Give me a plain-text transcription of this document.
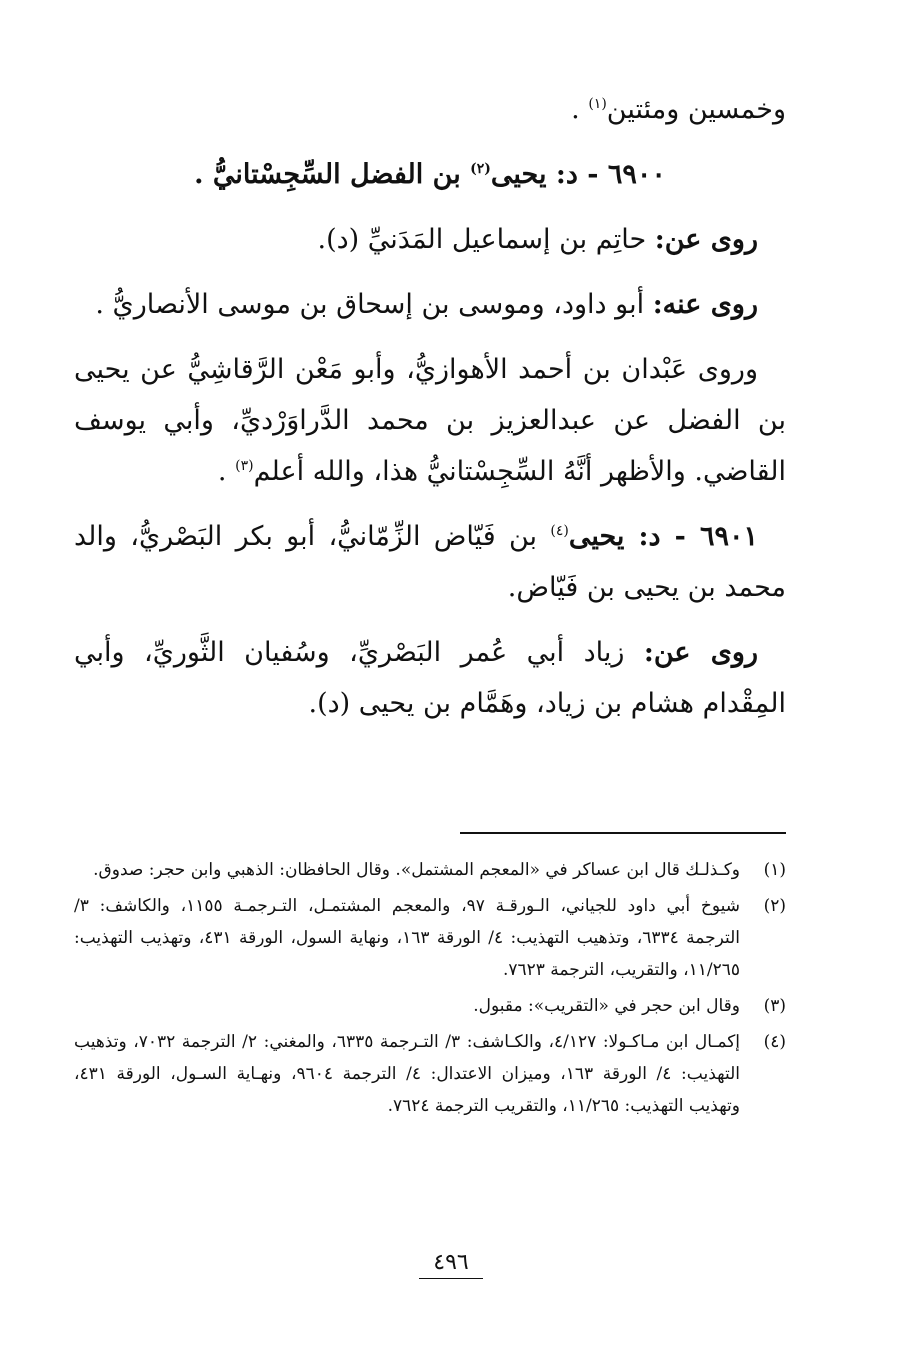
وخمسين ومئتين$^{(١)}$ .

٦٩٠٠ - د: يحيى$^{(٢)}$ بن الفضل السِّجِسْتانيُّ .

روى عن: حاتِم بن إسماعيل المَدَنيِّ (د).

روى عنه: أبو داود، وموسى بن إسحاق بن موسى الأنصاريُّ .

وروى عَبْدان بن أحمد الأهوازيُّ، وأبو مَعْن الرَّقاشِيُّ عن يحيى بن الفضل عن عبدالعزيز بن محمد الدَّراوَرْديِّ، وأبي يوسف القاضي. والأظهر أنَّهُ السِّجِسْتانيُّ هذا، والله أعلم$^{(٣)}$ .

٦٩٠١ - د: يحيى$^{(٤)}$ بن فَيّاض الزِّمّانيُّ، أبو بكر البَصْريُّ، والد محمد بن يحيى بن فَيّاض.

روى عن: زياد أبي عُمر البَصْريِّ، وسُفيان الثَّوريِّ، وأبي المِقْدام هشام بن زياد، وهَمَّام بن يحيى (د).

(١)
وكـذلـك قال ابن عساكر في «المعجم المشتمل». وقال الحافظان: الذهبي وابن حجر: صدوق.
(٢)
شيوخ أبي داود للجياني، الـورقـة ٩٧، والمعجم المشتمـل، التـرجمـة ١١٥٥، والكاشف: ٣/ الترجمة ٦٣٣٤، وتذهيب التهذيب: ٤/ الورقة ١٦٣، ونهاية السول، الورقة ٤٣١، وتهذيب التهذيب: ١١/٢٦٥، والتقريب، الترجمة ٧٦٢٣.
(٣)
وقال ابن حجر في «التقريب»: مقبول.
(٤)
إكمـال ابن مـاكـولا: ٤/١٢٧، والكـاشف: ٣/ التـرجمة ٦٣٣٥، والمغني: ٢/ الترجمة ٧٠٣٢، وتذهيب التهذيب: ٤/ الورقة ١٦٣، وميزان الاعتدال: ٤/ الترجمة ٩٦٠٤، ونهـاية السـول، الورقة ٤٣١، وتهذيب التهذيب: ١١/٢٦٥، والتقريب الترجمة ٧٦٢٤.
٤٩٦
